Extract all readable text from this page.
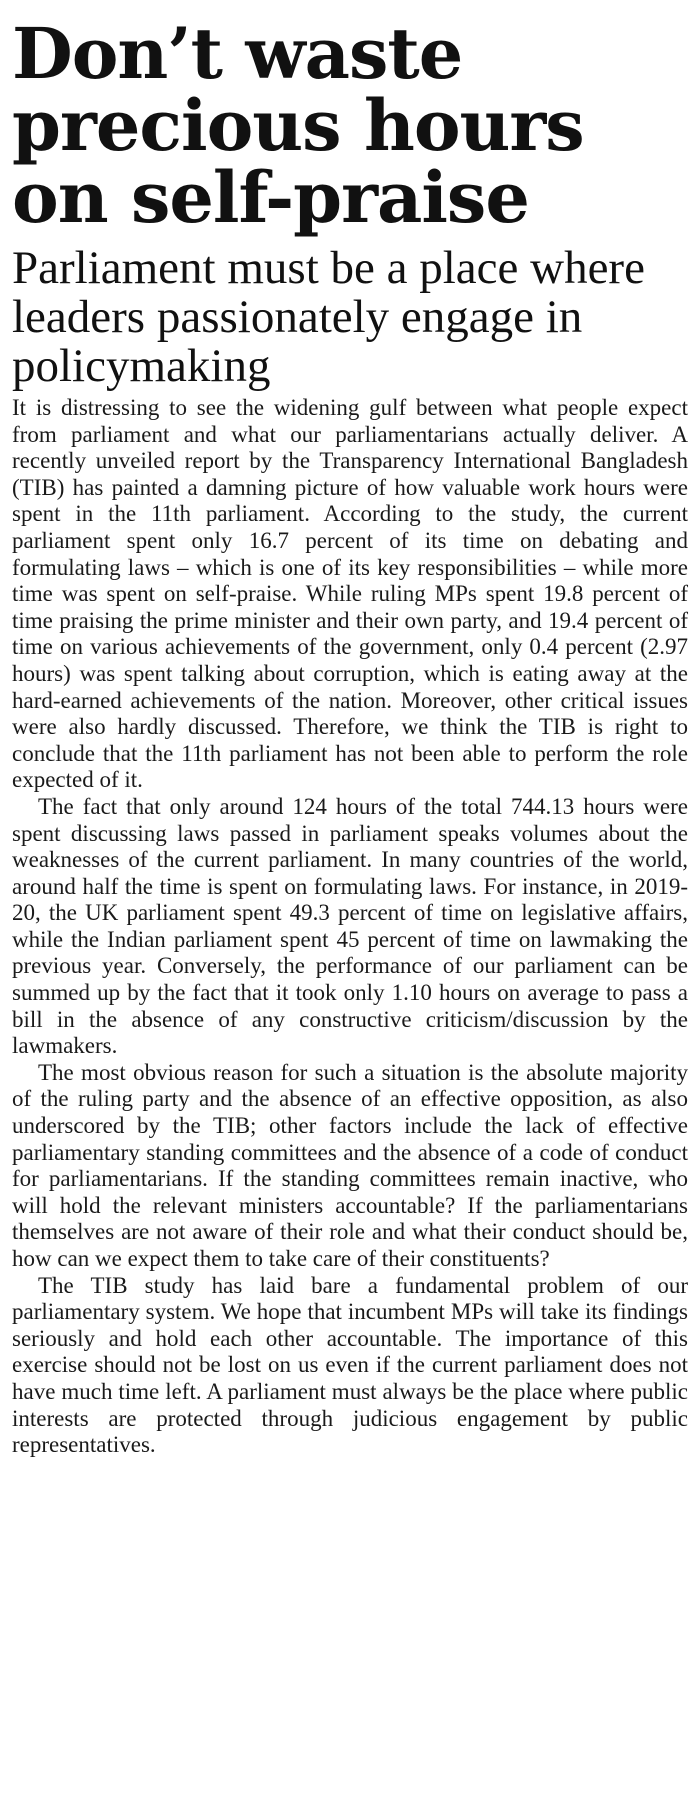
Don’t waste precious hours on self-praise
Parliament must be a place where leaders passionately engage in policymaking

It is distressing to see the widening gulf between what people expect from parliament and what our parliamentarians actually deliver. A recently unveiled report by the Transparency International Bangladesh (TIB) has painted a damning picture of how valuable work hours were spent in the 11th parliament. According to the study, the current parliament spent only 16.7 percent of its time on debating and formulating laws – which is one of its key responsibilities – while more time was spent on self-praise. While ruling MPs spent 19.8 percent of time praising the prime minister and their own party, and 19.4 percent of time on various achievements of the government, only 0.4 percent (2.97 hours) was spent talking about corruption, which is eating away at the hard-earned achievements of the nation. Moreover, other critical issues were also hardly discussed. Therefore, we think the TIB is right to conclude that the 11th parliament has not been able to perform the role expected of it.

The fact that only around 124 hours of the total 744.13 hours were spent discussing laws passed in parliament speaks volumes about the weaknesses of the current parliament. In many countries of the world, around half the time is spent on formulating laws. For instance, in 2019-20, the UK parliament spent 49.3 percent of time on legislative affairs, while the Indian parliament spent 45 percent of time on lawmaking the previous year. Conversely, the performance of our parliament can be summed up by the fact that it took only 1.10 hours on average to pass a bill in the absence of any constructive criticism/discussion by the lawmakers.

The most obvious reason for such a situation is the absolute majority of the ruling party and the absence of an effective opposition, as also underscored by the TIB; other factors include the lack of effective parliamentary standing committees and the absence of a code of conduct for parliamentarians. If the standing committees remain inactive, who will hold the relevant ministers accountable? If the parliamentarians themselves are not aware of their role and what their conduct should be, how can we expect them to take care of their constituents?

The TIB study has laid bare a fundamental problem of our parliamentary system. We hope that incumbent MPs will take its findings seriously and hold each other accountable. The importance of this exercise should not be lost on us even if the current parliament does not have much time left. A parliament must always be the place where public interests are protected through judicious engagement by public representatives.
